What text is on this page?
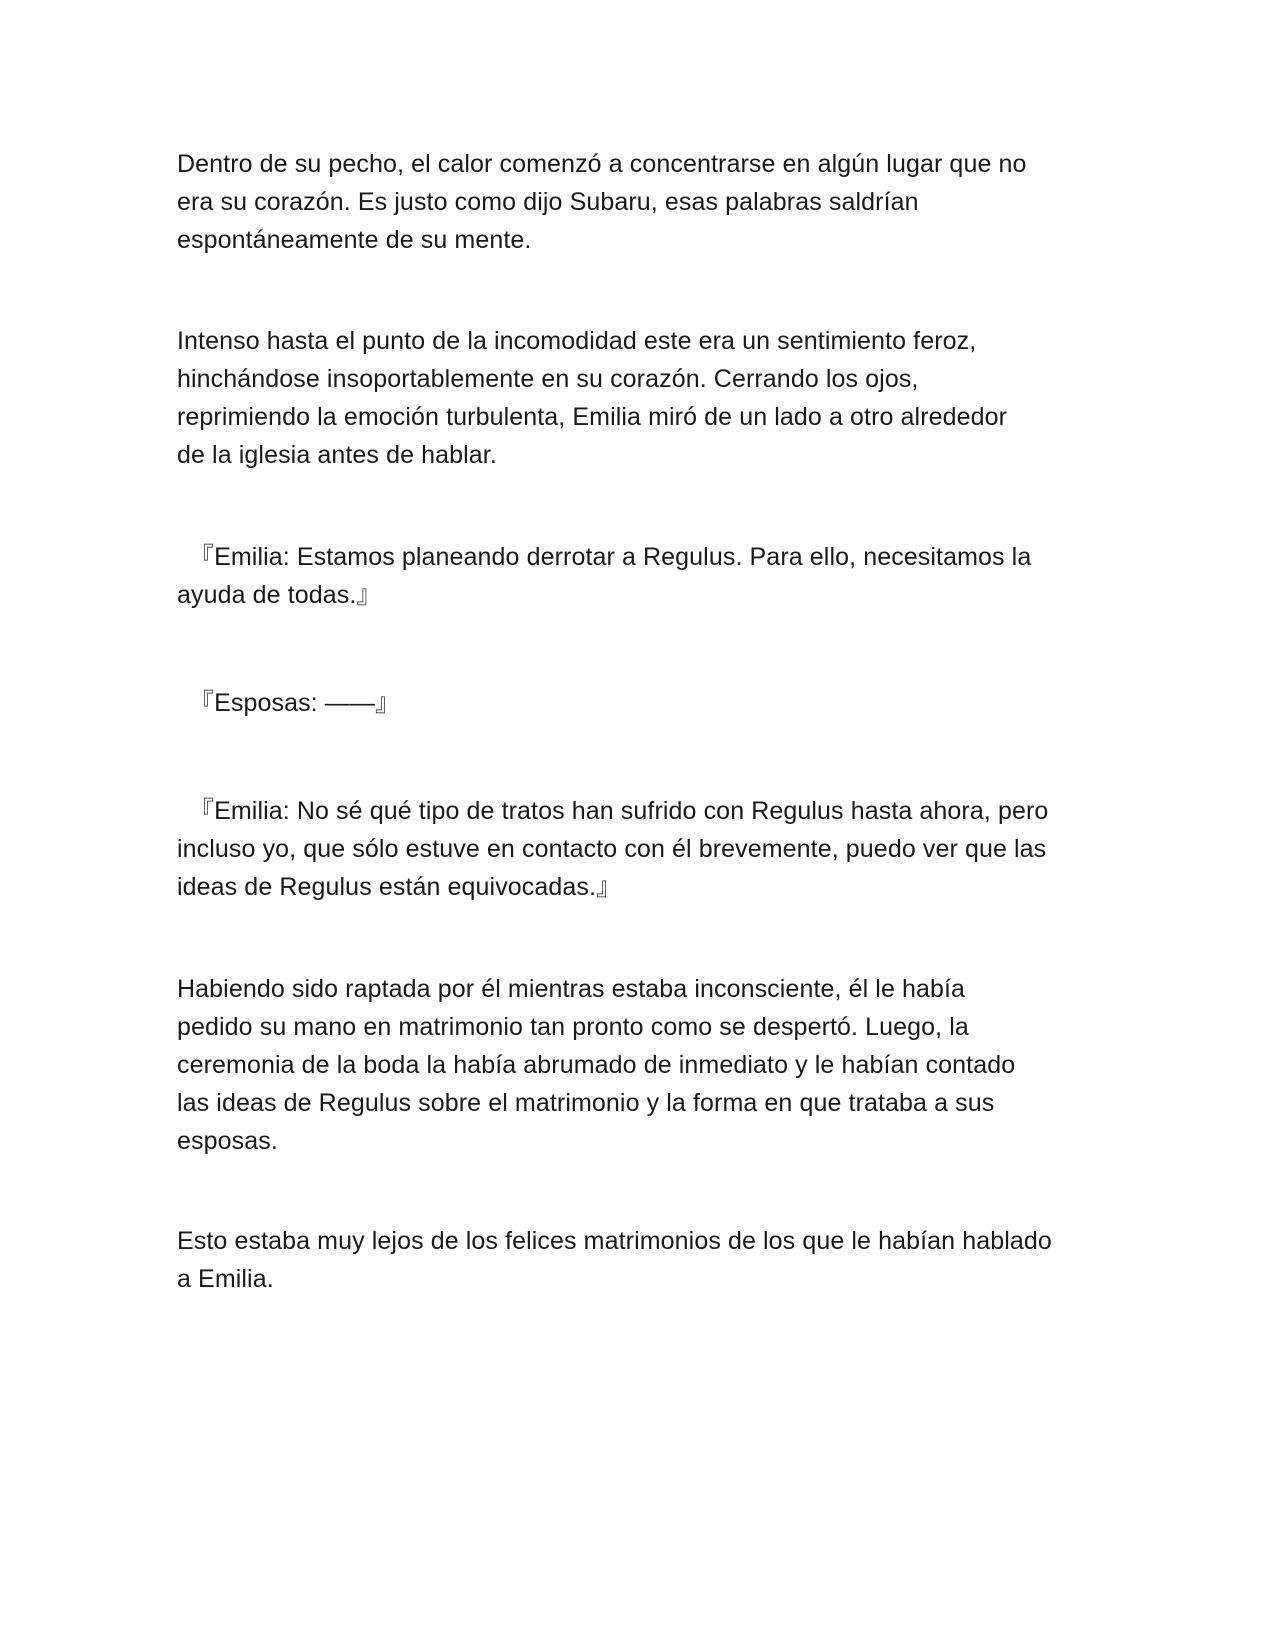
Dentro de su pecho, el calor comenzó a concentrarse en algún lugar que no
era su corazón. Es justo como dijo Subaru, esas palabras saldrían
espontáneamente de su mente.

Intenso hasta el punto de la incomodidad este era un sentimiento feroz,
hinchándose insoportablemente en su corazón. Cerrando los ojos,
reprimiendo la emoción turbulenta, Emilia miró de un lado a otro alrededor
de la iglesia antes de hablar.

『Emilia: Estamos planeando derrotar a Regulus. Para ello, necesitamos la
ayuda de todas.』

『Esposas: ——』

『Emilia: No sé qué tipo de tratos han sufrido con Regulus hasta ahora, pero
incluso yo, que sólo estuve en contacto con él brevemente, puedo ver que las
ideas de Regulus están equivocadas.』

Habiendo sido raptada por él mientras estaba inconsciente, él le había
pedido su mano en matrimonio tan pronto como se despertó. Luego, la
ceremonia de la boda la había abrumado de inmediato y le habían contado
las ideas de Regulus sobre el matrimonio y la forma en que trataba a sus
esposas.

Esto estaba muy lejos de los felices matrimonios de los que le habían hablado
a Emilia.
